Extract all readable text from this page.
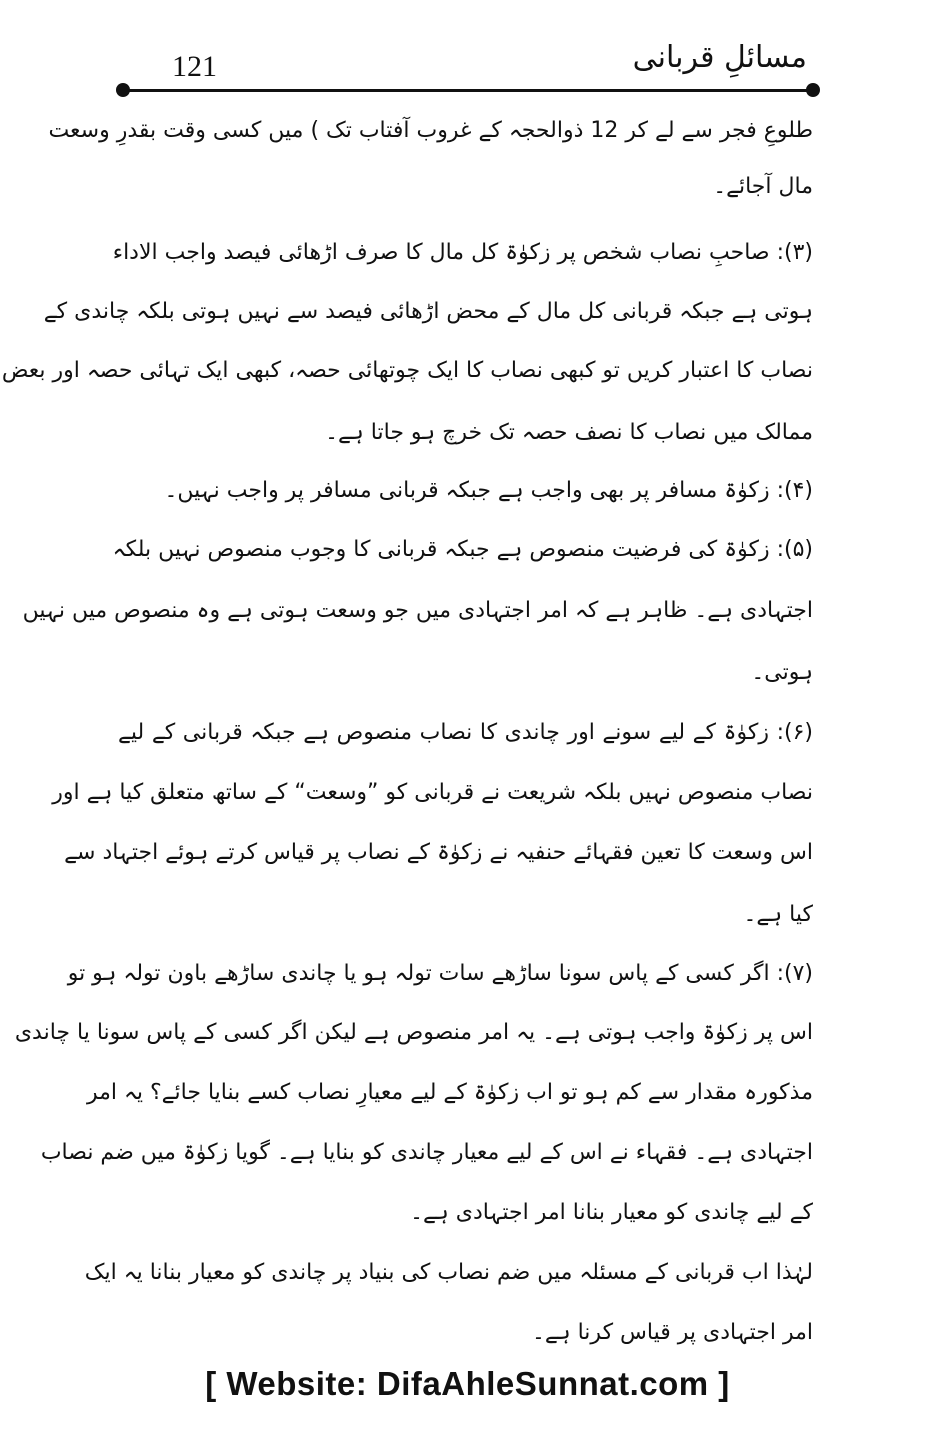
مسائلِ قربانی
121
طلوعِ فجر سے لے کر 12 ذوالحجہ کے غروب آفتاب تک ) میں کسی وقت بقدرِ وسعت
مال آجائے۔
(۳): صاحبِ نصاب شخص پر زکوٰۃ کل مال کا صرف اڑھائی فیصد واجب الاداء
ہوتی ہے جبکہ قربانی کل مال کے محض اڑھائی فیصد سے نہیں ہوتی بلکہ چاندی کے
نصاب کا اعتبار کریں تو کبھی نصاب کا ایک چوتھائی حصہ، کبھی ایک تہائی حصہ اور بعض
ممالک میں نصاب کا نصف حصہ تک خرچ ہو جاتا ہے۔
(۴): زکوٰۃ مسافر پر بھی واجب ہے جبکہ قربانی مسافر پر واجب نہیں۔
(۵): زکوٰۃ کی فرضیت منصوص ہے جبکہ قربانی کا وجوب منصوص نہیں بلکہ
اجتہادی ہے۔ ظاہر ہے کہ امر اجتہادی میں جو وسعت ہوتی ہے وہ منصوص میں نہیں
ہوتی۔
(۶): زکوٰۃ کے لیے سونے اور چاندی کا نصاب منصوص ہے جبکہ قربانی کے لیے
نصاب منصوص نہیں بلکہ شریعت نے قربانی کو ”وسعت“ کے ساتھ متعلق کیا ہے اور
اس وسعت کا تعین فقہائے حنفیہ نے زکوٰۃ کے نصاب پر قیاس کرتے ہوئے اجتہاد سے
کیا ہے۔
(۷): اگر کسی کے پاس سونا ساڑھے سات تولہ ہو یا چاندی ساڑھے باون تولہ ہو تو
اس پر زکوٰۃ واجب ہوتی ہے۔ یہ امر منصوص ہے لیکن اگر کسی کے پاس سونا یا چاندی
مذکورہ مقدار سے کم ہو تو اب زکوٰۃ کے لیے معیارِ نصاب کسے بنایا جائے؟ یہ امر
اجتہادی ہے۔ فقہاء نے اس کے لیے معیار چاندی کو بنایا ہے۔ گویا زکوٰۃ میں ضم نصاب
کے لیے چاندی کو معیار بنانا امر اجتہادی ہے۔
لہٰذا اب قربانی کے مسئلہ میں ضم نصاب کی بنیاد پر چاندی کو معیار بنانا یہ ایک
امر اجتہادی پر قیاس کرنا ہے۔
[ Website: DifaAhleSunnat.com ]
